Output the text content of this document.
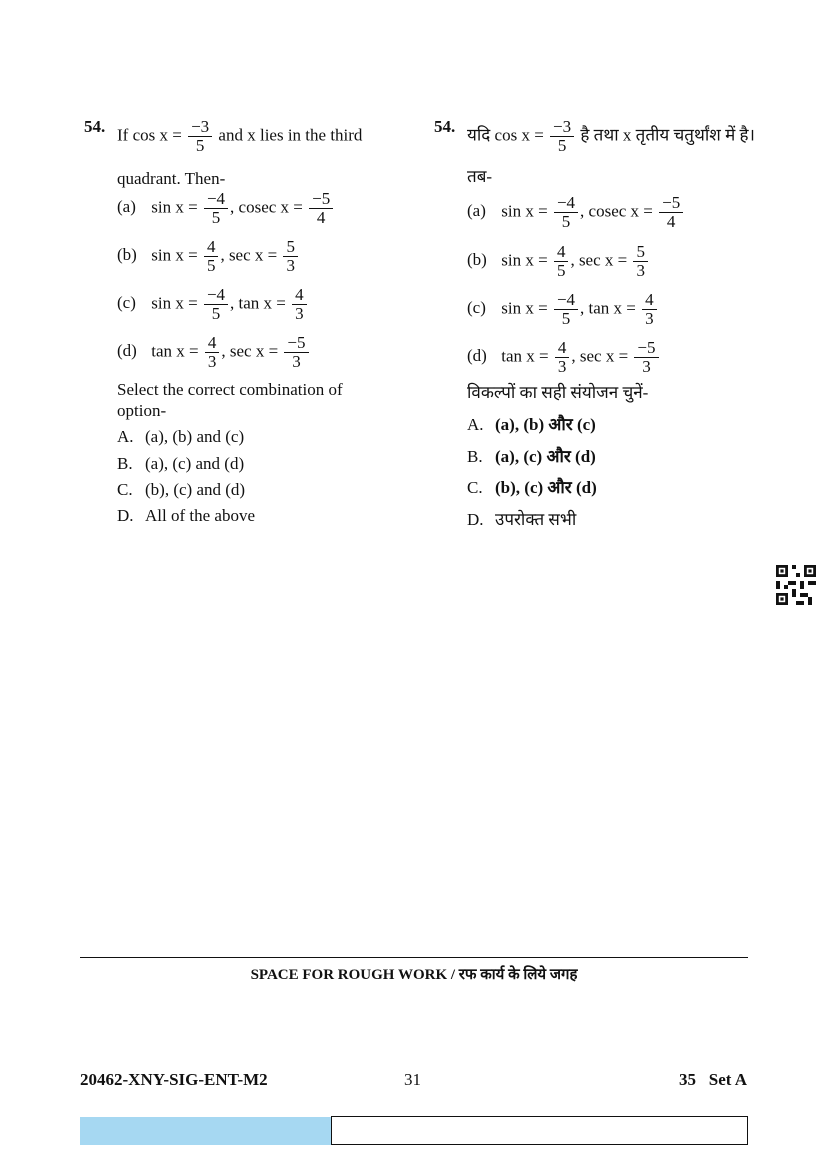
54. If $\cos x = \frac{-3}{5}$ and x lies in the third
quadrant. Then-
(a) $\sin x = \frac{-4}{5}$ , cosec $x = \frac{-5}{4}$
(b) $\sin x = \frac{4}{5}$ , $\sec x = \frac{5}{3}$
(c) $\sin x = \frac{-4}{5}$ , $\tan x = \frac{4}{3}$
(d) $\tan x = \frac{4}{3}$ , $\sec x = \frac{-5}{3}$
Select the correct combination of
option-
A. (a), (b) and (c)
B. (a), (c) and (d)
C. (b), (c) and (d)
D. All of the above
54. यदि $\cos x = \frac{-3}{5}$ है तथा x तृतीय चतुर्थांश में है।
तब-
(a) $\sin x = \frac{-4}{5}$ , cosec $x = \frac{-5}{4}$
(b) $\sin x = \frac{4}{5}$ , $\sec x = \frac{5}{3}$
(c) $\sin x = \frac{-4}{5}$ , $\tan x = \frac{4}{3}$
(d) $\tan x = \frac{4}{3}$ , $\sec x = \frac{-5}{3}$
विकल्पों का सही संयोजन चुनें-
A. (a), (b) और (c)
B. (a), (c) और (d)
C. (b), (c) और (d)
D. उपरोक्त सभी
SPACE FOR ROUGH WORK / रफ कार्य के लिये जगह
20462-XNY-SIG-ENT-M2	31	35   Set A
